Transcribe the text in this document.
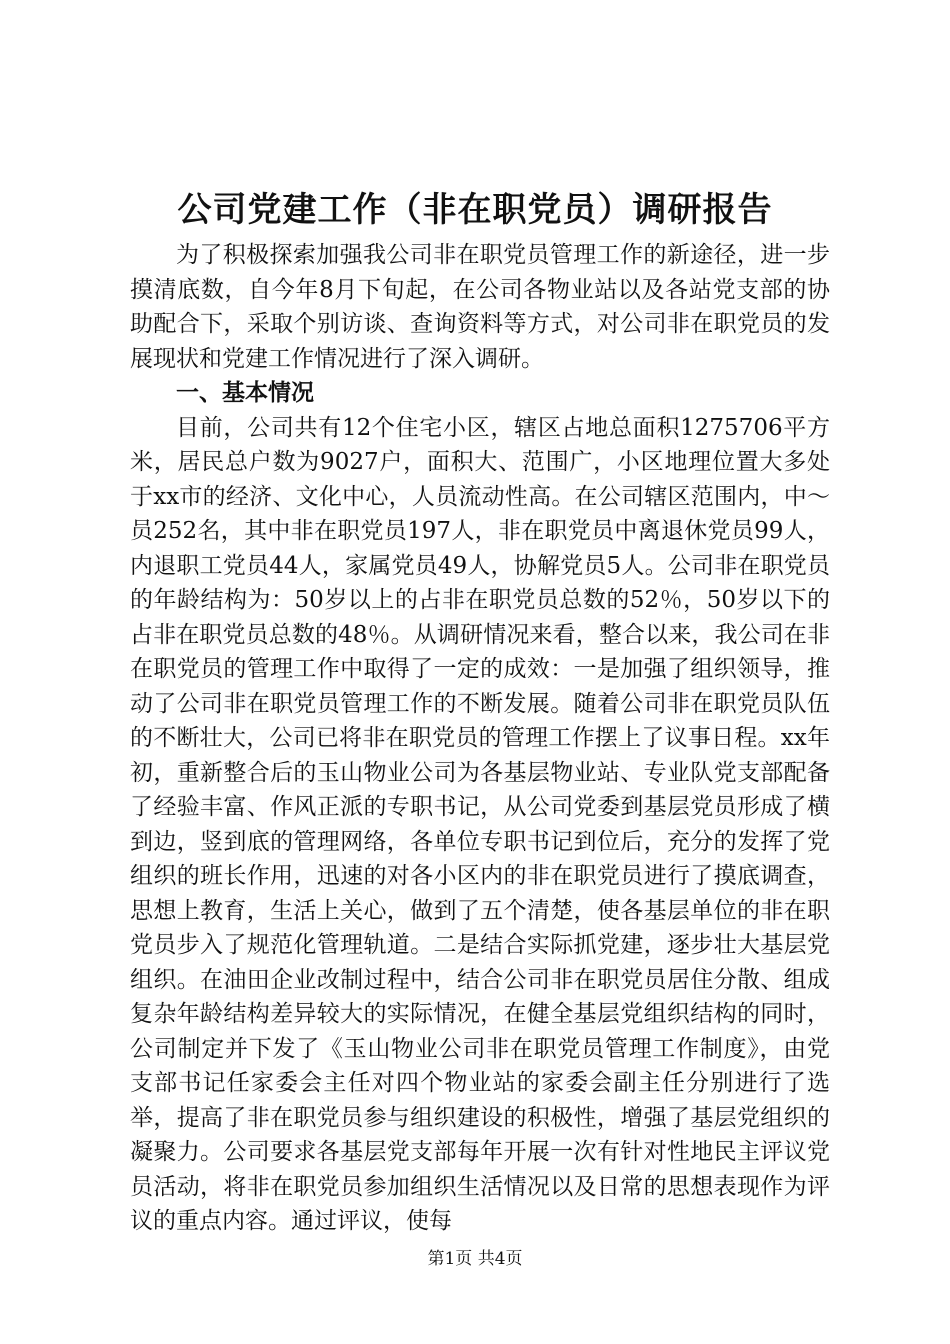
公司党建工作（非在职党员）调研报告

为了积极探索加强我公司非在职党员管理工作的新途径，进一步摸清底数，自今年8月下旬起，在公司各物业站以及各站党支部的协助配合下，采取个别访谈、查询资料等方式，对公司非在职党员的发展现状和党建工作情况进行了深入调研。

一、基本情况

目前，公司共有12个住宅小区，辖区占地总面积1275706平方米，居民总户数为9027户，面积大、范围广，小区地理位置大多处于xx市的经济、文化中心，人员流动性高。在公司辖区范围内，中～员252名，其中非在职党员197人，非在职党员中离退休党员99人，内退职工党员44人，家属党员49人，协解党员5人。公司非在职党员的年龄结构为：50岁以上的占非在职党员总数的52％，50岁以下的占非在职党员总数的48％。从调研情况来看，整合以来，我公司在非在职党员的管理工作中取得了一定的成效：一是加强了组织领导，推动了公司非在职党员管理工作的不断发展。随着公司非在职党员队伍的不断壮大，公司已将非在职党员的管理工作摆上了议事日程。xx年初，重新整合后的玉山物业公司为各基层物业站、专业队党支部配备了经验丰富、作风正派的专职书记，从公司党委到基层党员形成了横到边，竖到底的管理网络，各单位专职书记到位后，充分的发挥了党组织的班长作用，迅速的对各小区内的非在职党员进行了摸底调查，思想上教育，生活上关心，做到了五个清楚，使各基层单位的非在职党员步入了规范化管理轨道。二是结合实际抓党建，逐步壮大基层党组织。在油田企业改制过程中，结合公司非在职党员居住分散、组成复杂年龄结构差异较大的实际情况，在健全基层党组织结构的同时，公司制定并下发了《玉山物业公司非在职党员管理工作制度》，由党支部书记任家委会主任对四个物业站的家委会副主任分别进行了选举，提高了非在职党员参与组织建设的积极性，增强了基层党组织的凝聚力。公司要求各基层党支部每年开展一次有针对性地民主评议党员活动，将非在职党员参加组织生活情况以及日常的思想表现作为评议的重点内容。通过评议，使每

第1页 共4页
